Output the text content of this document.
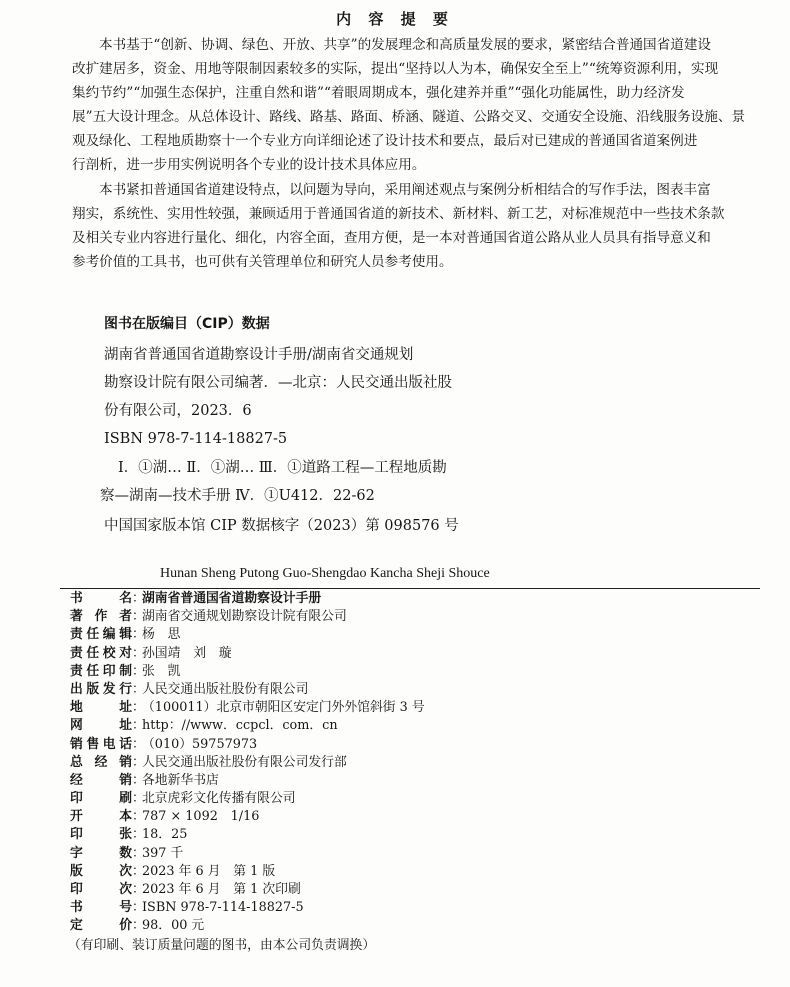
内 容 提 要
本书基于“创新、协调、绿色、开放、共享”的发展理念和高质量发展的要求，紧密结合普通国省道建设
改扩建居多，资金、用地等限制因素较多的实际，提出“坚持以人为本，确保安全至上”“统筹资源利用，实现
集约节约”“加强生态保护，注重自然和谐”“着眼周期成本，强化建养并重”“强化功能属性，助力经济发
展”五大设计理念。从总体设计、路线、路基、路面、桥涵、隧道、公路交叉、交通安全设施、沿线服务设施、景
观及绿化、工程地质勘察十一个专业方向详细论述了设计技术和要点，最后对已建成的普通国省道案例进
行剖析，进一步用实例说明各个专业的设计技术具体应用。
本书紧扣普通国省道建设特点，以问题为导向，采用阐述观点与案例分析相结合的写作手法，图表丰富
翔实，系统性、实用性较强，兼顾适用于普通国省道的新技术、新材料、新工艺，对标准规范中一些技术条款
及相关专业内容进行量化、细化，内容全面，查用方便，是一本对普通国省道公路从业人员具有指导意义和
参考价值的工具书，也可供有关管理单位和研究人员参考使用。
图书在版编目（CIP）数据
湖南省普通国省道勘察设计手册/湖南省交通规划
勘察设计院有限公司编著．—北京：人民交通出版社股
份有限公司，2023．6
ISBN 978-7-114-18827-5
Ⅰ．①湖… Ⅱ．①湖… Ⅲ．①道路工程—工程地质勘
察—湖南—技术手册 Ⅳ．①U412．22-62
中国国家版本馆 CIP 数据核字（2023）第 098576 号
Hunan Sheng Putong Guo-Shengdao Kancha Sheji Shouce
书名 ：
湖南省普通国省道勘察设计手册
著作者 ：
湖南省交通规划勘察设计院有限公司
责任编辑 ：
杨　思
责任校对 ：
孙国靖　刘　璇
责任印制 ：
张　凯
出版发行 ：
人民交通出版社股份有限公司
地址 ：
（100011）北京市朝阳区安定门外外馆斜街 3 号
网址 ：
http：//www．ccpcl．com．cn
销售电话 ：
（010）59757973
总经销 ：
人民交通出版社股份有限公司发行部
经销 ：
各地新华书店
印刷 ：
北京虎彩文化传播有限公司
开本 ：
787 × 1092　1/16
印张 ：
18．25
字数 ：
397 千
版次 ：
2023 年 6 月　第 1 版
印次 ：
2023 年 6 月　第 1 次印刷
书号 ：
ISBN 978-7-114-18827-5
定价 ：
98．00 元
（有印刷、装订质量问题的图书，由本公司负责调换）
